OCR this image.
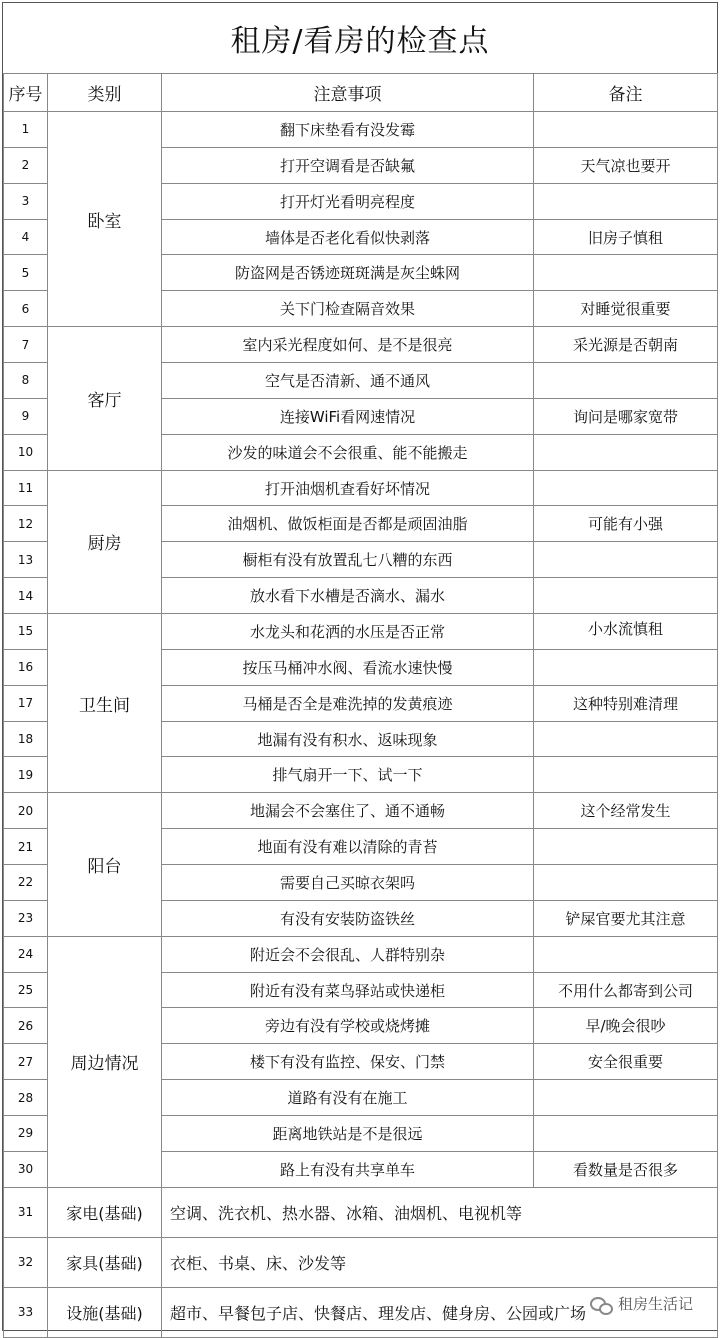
租房/看房的检查点
序号	类别	注意事项	备注
1	卧室	翻下床垫看有没发霉	
2		打开空调看是否缺氟	天气凉也要开
3		打开灯光看明亮程度	
4		墙体是否老化看似快剥落	旧房子慎租
5		防盗网是否锈迹斑斑满是灰尘蛛网	
6		关下门检查隔音效果	对睡觉很重要
7	客厅	室内采光程度如何、是不是很亮	采光源是否朝南
8		空气是否清新、通不通风	
9		连接WiFi看网速情况	询问是哪家宽带
10		沙发的味道会不会很重、能不能搬走	
11	厨房	打开油烟机查看好坏情况	
12		油烟机、做饭柜面是否都是顽固油脂	可能有小强
13		橱柜有没有放置乱七八糟的东西	
14		放水看下水槽是否滴水、漏水	
15	卫生间	水龙头和花洒的水压是否正常	小水流慎租
16		按压马桶冲水阀、看流水速快慢	
17		马桶是否全是难洗掉的发黄痕迹	这种特别难清理
18		地漏有没有积水、返味现象	
19		排气扇开一下、试一下	
20	阳台	地漏会不会塞住了、通不通畅	这个经常发生
21		地面有没有难以清除的青苔	
22		需要自己买晾衣架吗	
23		有没有安装防盗铁丝	铲屎官要尤其注意
24	周边情况	附近会不会很乱、人群特别杂	
25		附近有没有菜鸟驿站或快递柜	不用什么都寄到公司
26		旁边有没有学校或烧烤摊	早/晚会很吵
27		楼下有没有监控、保安、门禁	安全很重要
28		道路有没有在施工	
29		距离地铁站是不是很远	
30		路上有没有共享单车	看数量是否很多
31	家电(基础)	空调、洗衣机、热水器、冰箱、油烟机、电视机等	
32	家具(基础)	衣柜、书桌、床、沙发等	
33	设施(基础)	超市、早餐包子店、快餐店、理发店、健身房、公园或广场	租房生活记
